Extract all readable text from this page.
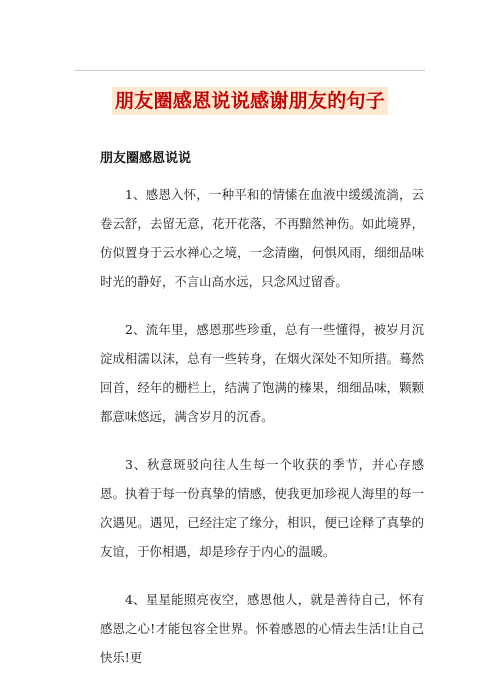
朋友圈感恩说说感谢朋友的句子
朋友圈感恩说说

1、感恩入怀，一种平和的情愫在血液中缓缓流淌，云卷云舒，去留无意，花开花落，不再黯然神伤。如此境界，仿似置身于云水禅心之境，一念清幽，何惧风雨，细细品味时光的静好，不言山高水远，只念风过留香。

2、流年里，感恩那些珍重，总有一些懂得，被岁月沉淀成相濡以沫，总有一些转身，在烟火深处不知所措。蓦然回首，经年的栅栏上，结满了饱满的榛果，细细品味，颗颗都意味悠远，满含岁月的沉香。

3、秋意斑驳向往人生每一个收获的季节，并心存感恩。执着于每一份真挚的情感，使我更加珍视人海里的每一次遇见。遇见，已经注定了缘分，相识，便已诠释了真挚的友谊，于你相遇，却是珍存于内心的温暖。

4、星星能照亮夜空，感恩他人，就是善待自己，怀有感恩之心!才能包容全世界。怀着感恩的心情去生活!让自己快乐!更
